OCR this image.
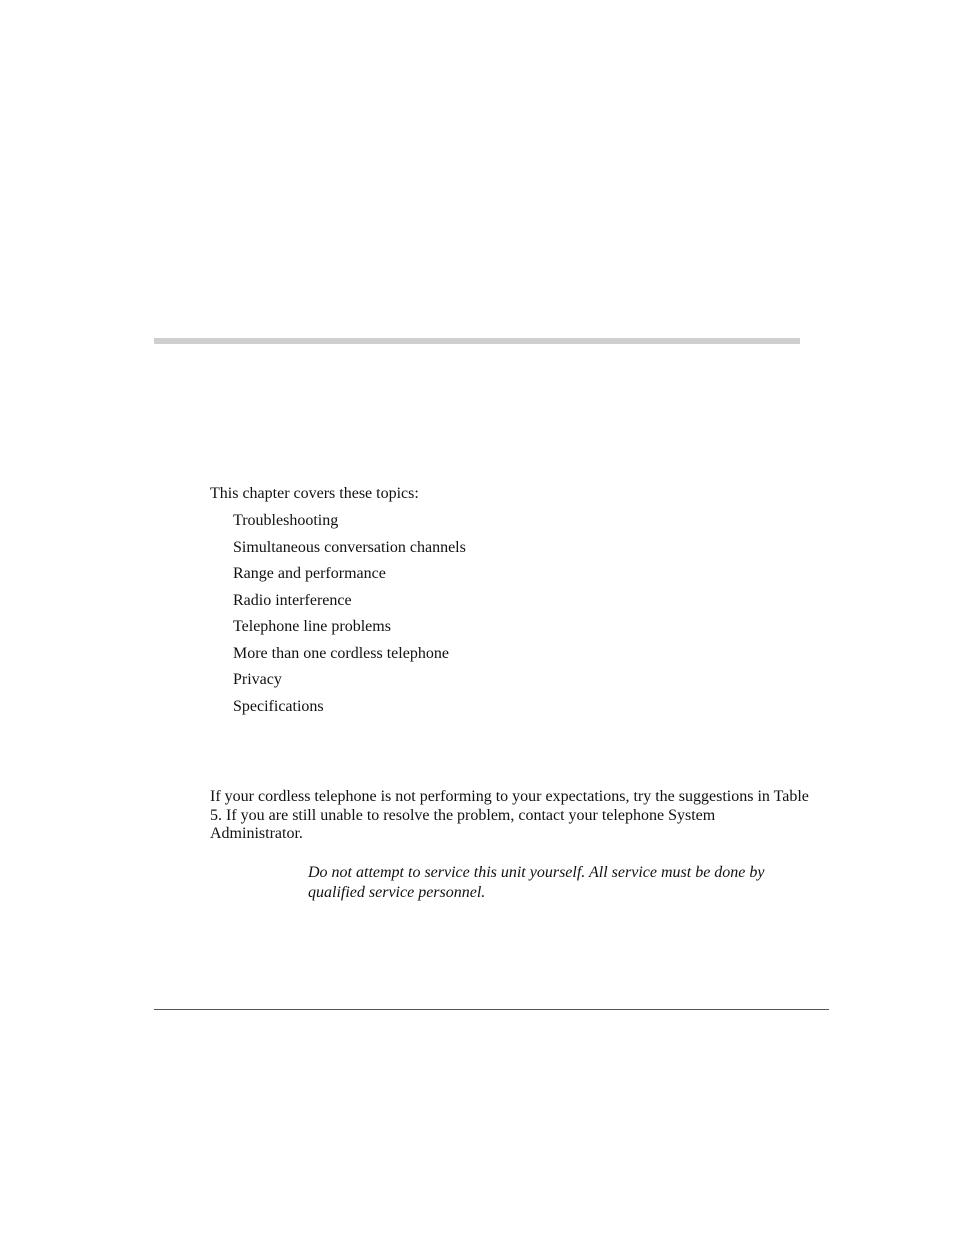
This chapter covers these topics:

Troubleshooting
Simultaneous conversation channels
Range and performance
Radio interference
Telephone line problems
More than one cordless telephone
Privacy
Specifications

If your cordless telephone is not performing to your expectations, try the suggestions in Table 5. If you are still unable to resolve the problem, contact your telephone System Administrator.

Do not attempt to service this unit yourself. All service must be done by qualified service personnel.
